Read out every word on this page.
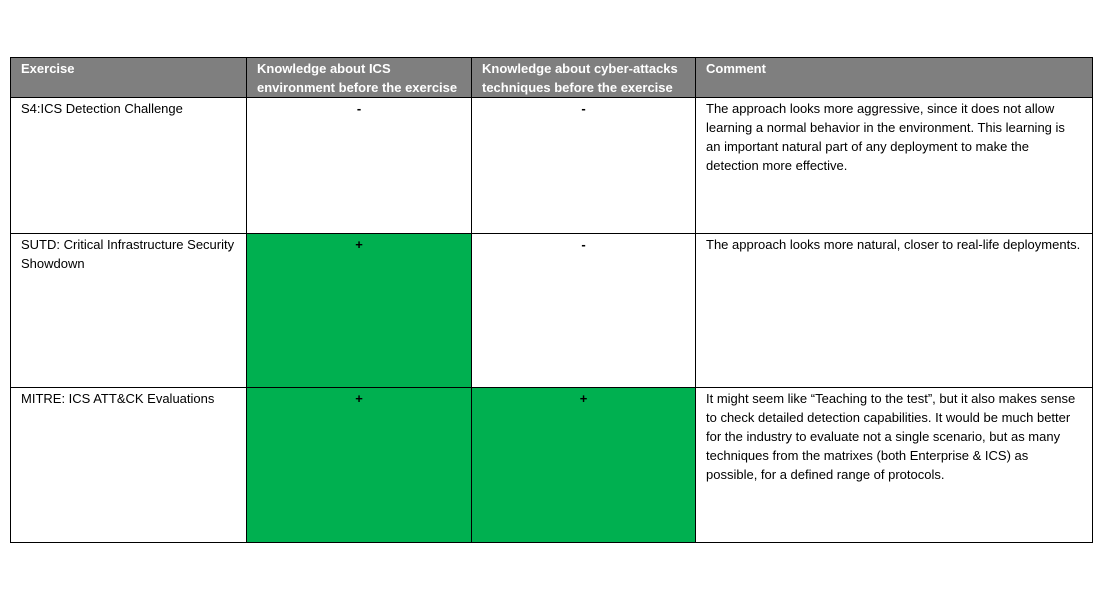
Exercise	Knowledge about ICS environment before the exercise	Knowledge about cyber-attacks techniques before the exercise	Comment
S4:ICS Detection Challenge	-	-	The approach looks more aggressive, since it does not allow learning a normal behavior in the environment. This learning is an important natural part of any deployment to make the detection more effective.
SUTD: Critical Infrastructure Security Showdown	+	-	The approach looks more natural, closer to real-life deployments.
MITRE: ICS ATT&CK Evaluations	+	+	It might seem like “Teaching to the test”, but it also makes sense to check detailed detection capabilities. It would be much better for the industry to evaluate not a single scenario, but as many techniques from the matrixes (both Enterprise & ICS) as possible, for a defined range of protocols.
